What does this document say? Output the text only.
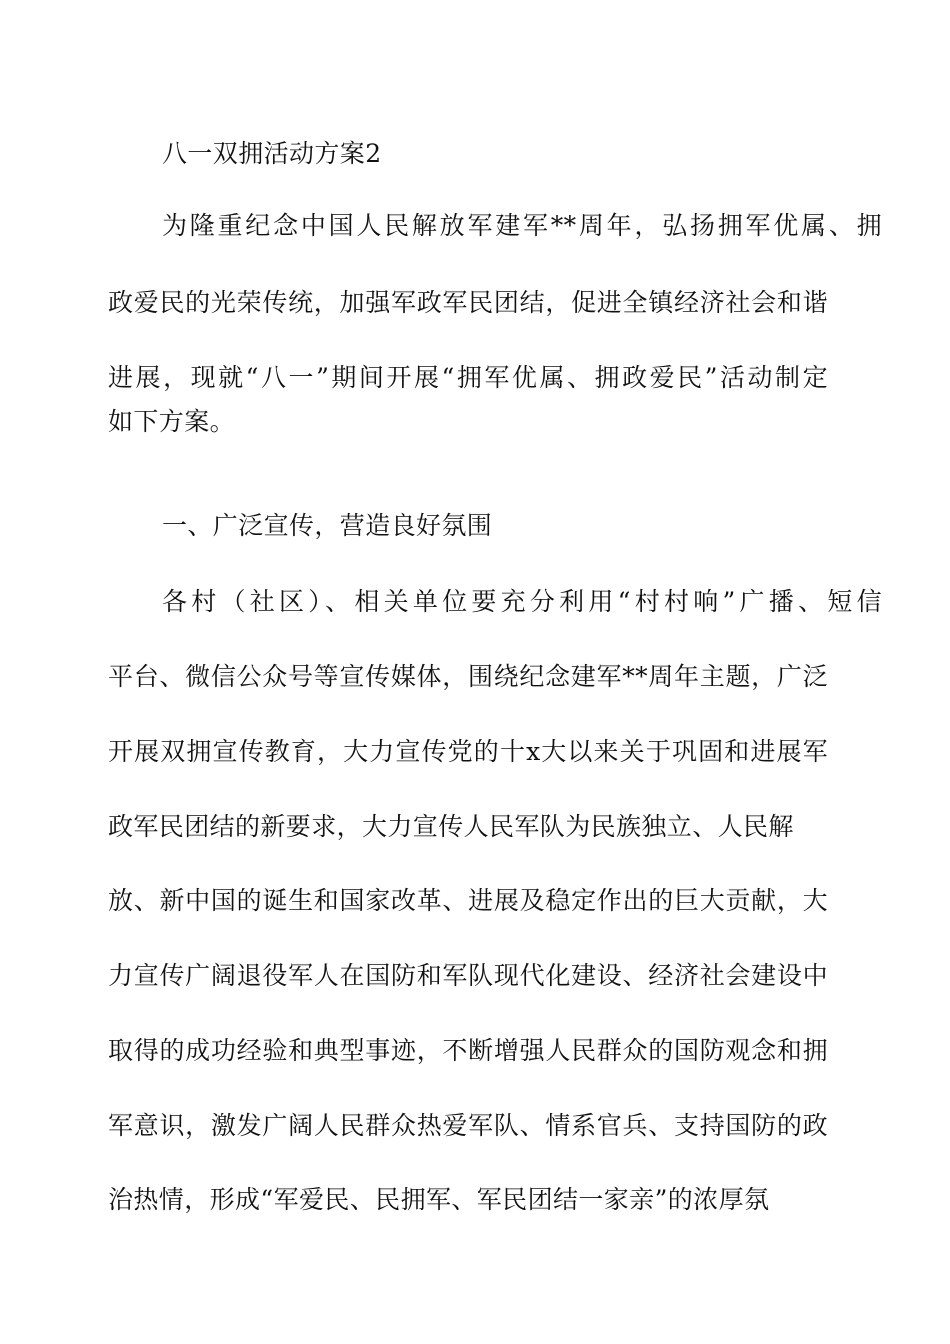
八一双拥活动方案2

为隆重纪念中国人民解放军建军**周年，弘扬拥军优属、拥

政爱民的光荣传统，加强军政军民团结，促进全镇经济社会和谐

进展，现就“八一”期间开展“拥军优属、拥政爱民”活动制定

如下方案。

一、广泛宣传，营造良好氛围

各村（社区）、相关单位要充分利用“村村响”广播、短信

平台、微信公众号等宣传媒体，围绕纪念建军**周年主题，广泛

开展双拥宣传教育，大力宣传党的十x大以来关于巩固和进展军

政军民团结的新要求，大力宣传人民军队为民族独立、人民解

放、新中国的诞生和国家改革、进展及稳定作出的巨大贡献，大

力宣传广阔退役军人在国防和军队现代化建设、经济社会建设中

取得的成功经验和典型事迹，不断增强人民群众的国防观念和拥

军意识，激发广阔人民群众热爱军队、情系官兵、支持国防的政

治热情，形成“军爱民、民拥军、军民团结一家亲”的浓厚氛
